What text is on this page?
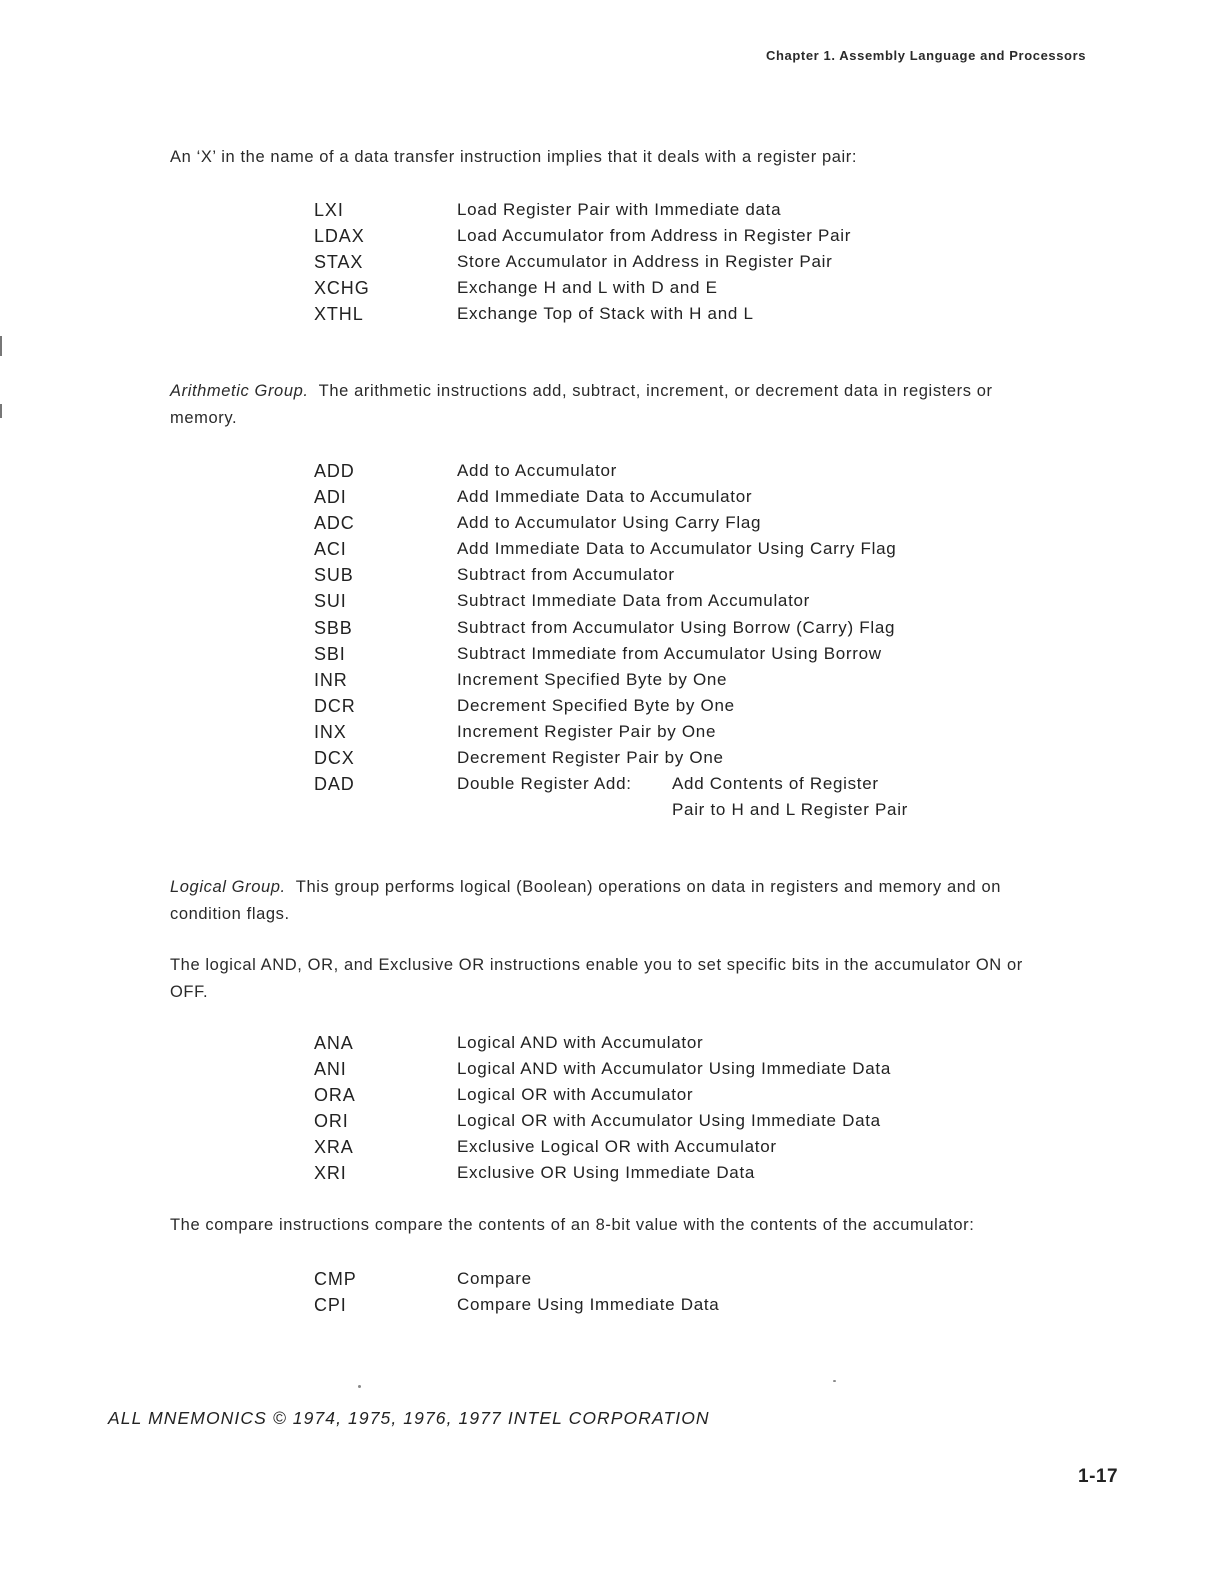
Chapter 1. Assembly Language and Processors

An ‘X’ in the name of a data transfer instruction implies that it deals with a register pair:

LXI	Load Register Pair with Immediate data
LDAX	Load Accumulator from Address in Register Pair
STAX	Store Accumulator in Address in Register Pair
XCHG	Exchange H and L with D and E
XTHL	Exchange Top of Stack with H and L

Arithmetic Group. The arithmetic instructions add, subtract, increment, or decrement data in registers or memory.

ADD	Add to Accumulator
ADI	Add Immediate Data to Accumulator
ADC	Add to Accumulator Using Carry Flag
ACI	Add Immediate Data to Accumulator Using Carry Flag
SUB	Subtract from Accumulator
SUI	Subtract Immediate Data from Accumulator
SBB	Subtract from Accumulator Using Borrow (Carry) Flag
SBI	Subtract Immediate from Accumulator Using Borrow
INR	Increment Specified Byte by One
DCR	Decrement Specified Byte by One
INX	Increment Register Pair by One
DCX	Decrement Register Pair by One
DAD	Double Register Add:	Add Contents of Register
Pair to H and L Register Pair

Logical Group. This group performs logical (Boolean) operations on data in registers and memory and on condition flags.

The logical AND, OR, and Exclusive OR instructions enable you to set specific bits in the accumulator ON or OFF.

ANA	Logical AND with Accumulator
ANI	Logical AND with Accumulator Using Immediate Data
ORA	Logical OR with Accumulator
ORI	Logical OR with Accumulator Using Immediate Data
XRA	Exclusive Logical OR with Accumulator
XRI	Exclusive OR Using Immediate Data

The compare instructions compare the contents of an 8-bit value with the contents of the accumulator:

CMP	Compare
CPI	Compare Using Immediate Data
ALL MNEMONICS © 1974, 1975, 1976, 1977 INTEL CORPORATION
1-17
